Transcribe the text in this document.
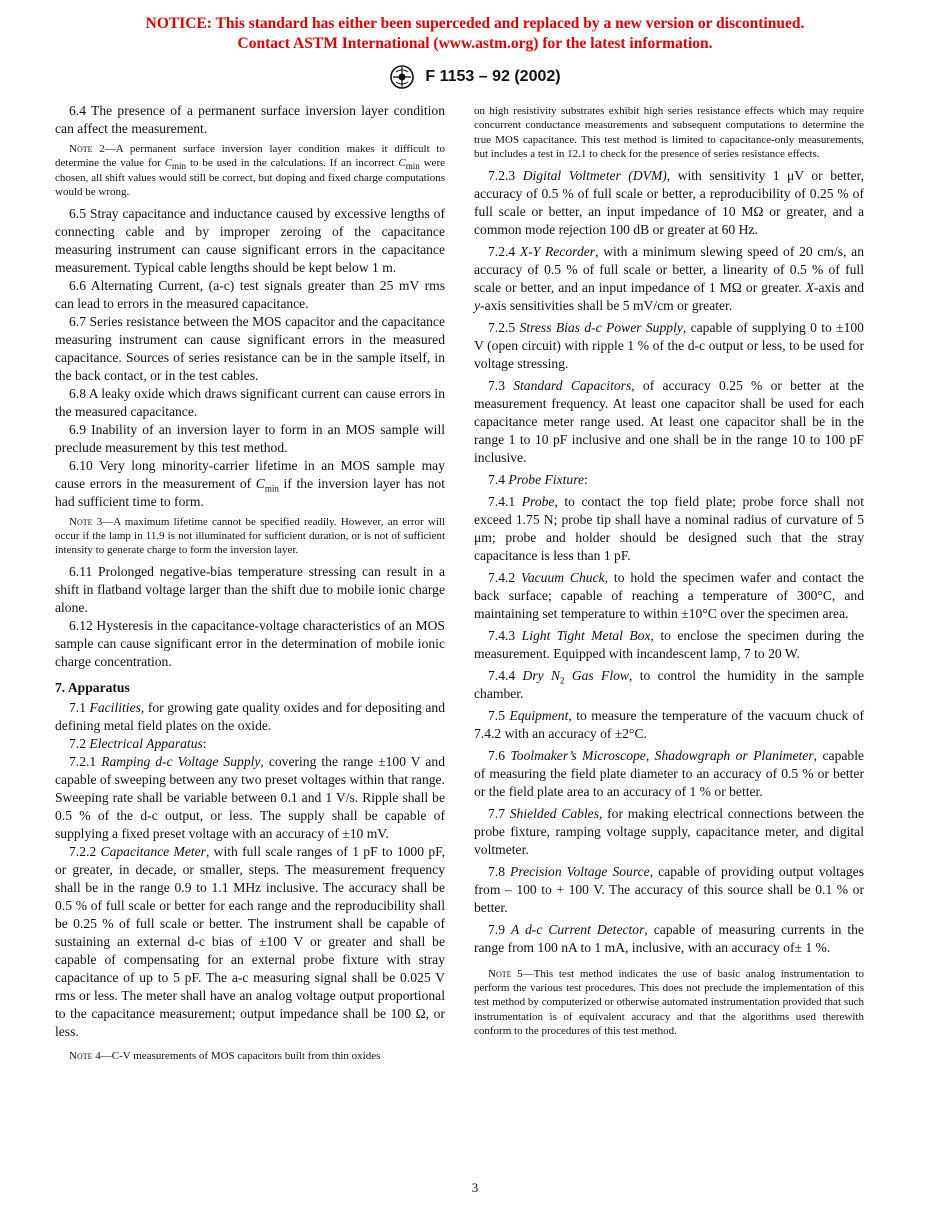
NOTICE: This standard has either been superceded and replaced by a new version or discontinued.
Contact ASTM International (www.astm.org) for the latest information.
F 1153 – 92 (2002)

6.4 The presence of a permanent surface inversion layer condition can affect the measurement.

Note 2—A permanent surface inversion layer condition makes it difficult to determine the value for $C_{min}$ to be used in the calculations. If an incorrect $C_{min}$ were chosen, all shift values would still be correct, but doping and fixed charge computations would be wrong.

6.5 Stray capacitance and inductance caused by excessive lengths of connecting cable and by improper zeroing of the capacitance measuring instrument can cause significant errors in the capacitance measurement. Typical cable lengths should be kept below 1 m.

6.6 Alternating Current, (a-c) test signals greater than 25 mV rms can lead to errors in the measured capacitance.

6.7 Series resistance between the MOS capacitor and the capacitance measuring instrument can cause significant errors in the measured capacitance. Sources of series resistance can be in the sample itself, in the back contact, or in the test cables.

6.8 A leaky oxide which draws significant current can cause errors in the measured capacitance.

6.9 Inability of an inversion layer to form in an MOS sample will preclude measurement by this test method.

6.10 Very long minority-carrier lifetime in an MOS sample may cause errors in the measurement of $C_{min}$ if the inversion layer has not had sufficient time to form.

Note 3—A maximum lifetime cannot be specified readily. However, an error will occur if the lamp in 11.9 is not illuminated for sufficient duration, or is not of sufficient intensity to generate charge to form the inversion layer.

6.11 Prolonged negative-bias temperature stressing can result in a shift in flatband voltage larger than the shift due to mobile ionic charge alone.

6.12 Hysteresis in the capacitance-voltage characteristics of an MOS sample can cause significant error in the determination of mobile ionic charge concentration.

7. Apparatus

7.1 Facilities, for growing gate quality oxides and for depositing and defining metal field plates on the oxide.

7.2 Electrical Apparatus:

7.2.1 Ramping d-c Voltage Supply, covering the range ±100 V and capable of sweeping between any two preset voltages within that range. Sweeping rate shall be variable between 0.1 and 1 V/s. Ripple shall be 0.5 % of the d-c output, or less. The supply shall be capable of supplying a fixed preset voltage with an accuracy of ±10 mV.

7.2.2 Capacitance Meter, with full scale ranges of 1 pF to 1000 pF, or greater, in decade, or smaller, steps. The measurement frequency shall be in the range 0.9 to 1.1 MHz inclusive. The accuracy shall be 0.5 % of full scale or better for each range and the reproducibility shall be 0.25 % of full scale or better. The instrument shall be capable of sustaining an external d-c bias of ±100 V or greater and shall be capable of compensating for an external probe fixture with stray capacitance of up to 5 pF. The a-c measuring signal shall be 0.025 V rms or less. The meter shall have an analog voltage output proportional to the capacitance measurement; output impedance shall be 100 Ω, or less.

Note 4—C-V measurements of MOS capacitors built from thin oxides

on high resistivity substrates exhibit high series resistance effects which may require concurrent conductance measurements and subsequent computations to determine the true MOS capacitance. This test method is limited to capacitance-only measurements, but includes a test in 12.1 to check for the presence of series resistance effects.

7.2.3 Digital Voltmeter (DVM), with sensitivity 1 μV or better, accuracy of 0.5 % of full scale or better, a reproducibility of 0.25 % of full scale or better, an input impedance of 10 MΩ or greater, and a common mode rejection 100 dB or greater at 60 Hz.

7.2.4 X-Y Recorder, with a minimum slewing speed of 20 cm/s, an accuracy of 0.5 % of full scale or better, a linearity of 0.5 % of full scale or better, and an input impedance of 1 MΩ or greater. X-axis and y-axis sensitivities shall be 5 mV/cm or greater.

7.2.5 Stress Bias d-c Power Supply, capable of supplying 0 to ±100 V (open circuit) with ripple 1 % of the d-c output or less, to be used for voltage stressing.

7.3 Standard Capacitors, of accuracy 0.25 % or better at the measurement frequency. At least one capacitor shall be used for each capacitance meter range used. At least one capacitor shall be in the range 1 to 10 pF inclusive and one shall be in the range 10 to 100 pF inclusive.

7.4 Probe Fixture:

7.4.1 Probe, to contact the top field plate; probe force shall not exceed 1.75 N; probe tip shall have a nominal radius of curvature of 5 μm; probe and holder should be designed such that the stray capacitance is less than 1 pF.

7.4.2 Vacuum Chuck, to hold the specimen wafer and contact the back surface; capable of reaching a temperature of 300°C, and maintaining set temperature to within ±10°C over the specimen area.

7.4.3 Light Tight Metal Box, to enclose the specimen during the measurement. Equipped with incandescent lamp, 7 to 20 W.

7.4.4 Dry $N_2$ Gas Flow, to control the humidity in the sample chamber.

7.5 Equipment, to measure the temperature of the vacuum chuck of 7.4.2 with an accuracy of ±2°C.

7.6 Toolmaker’s Microscope, Shadowgraph or Planimeter, capable of measuring the field plate diameter to an accuracy of 0.5 % or better or the field plate area to an accuracy of 1 % or better.

7.7 Shielded Cables, for making electrical connections between the probe fixture, ramping voltage supply, capacitance meter, and digital voltmeter.

7.8 Precision Voltage Source, capable of providing output voltages from – 100 to + 100 V. The accuracy of this source shall be 0.1 % or better.

7.9 A d-c Current Detector, capable of measuring currents in the range from 100 nA to 1 mA, inclusive, with an accuracy of± 1 %.

Note 5—This test method indicates the use of basic analog instrumentation to perform the various test procedures. This does not preclude the implementation of this test method by computerized or otherwise automated instrumentation provided that such instrumentation is of equivalent accuracy and that the algorithms used therewith conform to the procedures of this test method.

3
